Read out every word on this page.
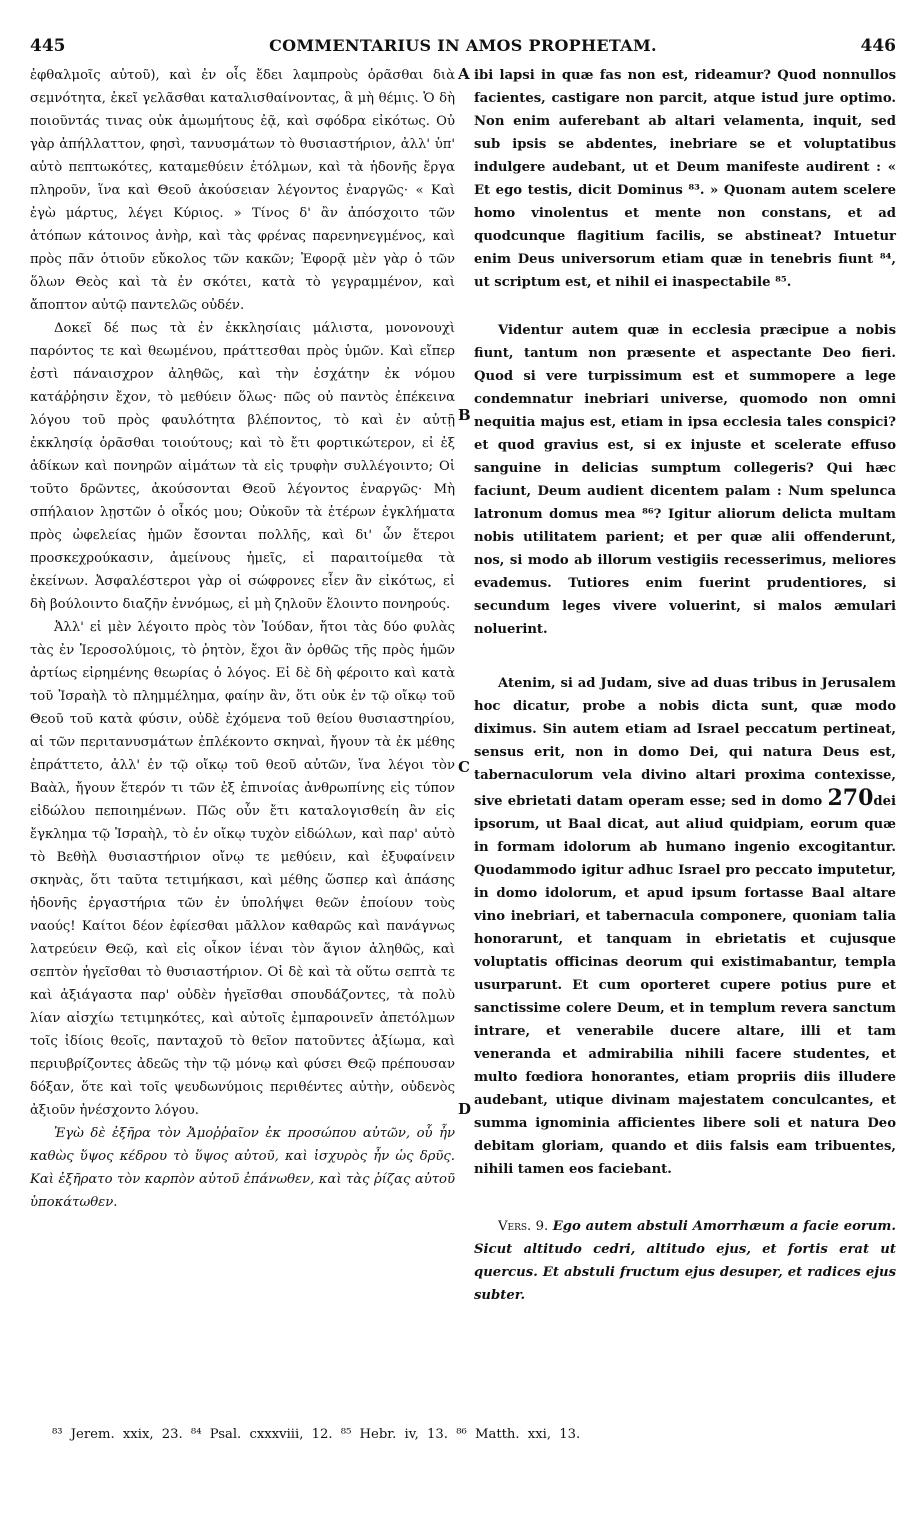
445	COMMENTARIUS IN AMOS PROPHETAM.	446

ἐφθαλμοῖς αὐτοῦ), καὶ ἐν οἷς ἔδει λαμπροὺς ὁρᾶσθαι διὰ σεμνότητα, ἐκεῖ γελᾶσθαι καταλισθαίνοντας, ἃ μὴ θέμις. Ὁ δὴ ποιοῦντάς τινας οὐκ ἀμωμήτους ἐᾷ, καὶ σφόδρα εἰκότως. Οὐ γὰρ ἀπήλλαττον, φησὶ, τανυσμάτων τὸ θυσιαστήριον, ἀλλ' ὑπ' αὐτὸ πεπτωκότες, καταμεθύειν ἐτόλμων, καὶ τὰ ἡδονῆς ἔργα πληροῦν, ἵνα καὶ Θεοῦ ἀκούσειαν λέγοντος ἐναργῶς· « Καὶ ἐγὼ μάρτυς, λέγει Κύριος. » Τίνος δ' ἂν ἀπόσχοιτο τῶν ἀτόπων κάτοινος ἀνὴρ, καὶ τὰς φρένας παρενηνεγμένος, καὶ πρὸς πᾶν ὁτιοῦν εὔκολος τῶν κακῶν; Ἐφορᾷ μὲν γὰρ ὁ τῶν ὅλων Θεὸς καὶ τὰ ἐν σκότει, κατὰ τὸ γεγραμμένον, καὶ ἄποπτον αὐτῷ παντελῶς οὐδέν.

Δοκεῖ δέ πως τὰ ἐν ἐκκλησίαις μάλιστα, μονονουχὶ παρόντος τε καὶ θεωμένου, πράττεσθαι πρὸς ὑμῶν. Καὶ εἴπερ ἐστὶ πάναισχρον ἀληθῶς, καὶ τὴν ἐσχάτην ἐκ νόμου κατάῤῥησιν ἔχον, τὸ μεθύειν ὅλως· πῶς οὐ παντὸς ἐπέκεινα λόγου τοῦ πρὸς φαυλότητα βλέποντος, τὸ καὶ ἐν αὐτῇ ἐκκλησίᾳ ὁρᾶσθαι τοιούτους; καὶ τὸ ἔτι φορτικώτερον, εἰ ἐξ ἀδίκων καὶ πονηρῶν αἱμάτων τὰ εἰς τρυφὴν συλλέγοιντο; Οἱ τοῦτο δρῶντες, ἀκούσονται Θεοῦ λέγοντος ἐναργῶς· Μὴ σπήλαιον λῃστῶν ὁ οἶκός μου; Οὐκοῦν τὰ ἑτέρων ἐγκλήματα πρὸς ὠφελείας ἡμῶν ἔσονται πολλῆς, καὶ δι' ὧν ἕτεροι προσκεχρούκασιν, ἀμείνους ἡμεῖς, εἰ παραιτοίμεθα τὰ ἐκείνων. Ἀσφαλέστεροι γὰρ οἱ σώφρονες εἶεν ἂν εἰκότως, εἰ δὴ βούλοιντο διαζῆν ἐννόμως, εἰ μὴ ζηλοῦν ἕλοιντο πονηρούς.

Ἀλλ' εἰ μὲν λέγοιτο πρὸς τὸν Ἰούδαν, ἤτοι τὰς δύο φυλὰς τὰς ἐν Ἱεροσολύμοις, τὸ ῥητὸν, ἔχοι ἂν ὀρθῶς τῆς πρὸς ἡμῶν ἀρτίως εἰρημένης θεωρίας ὁ λόγος. Εἰ δὲ δὴ φέροιτο καὶ κατὰ τοῦ Ἰσραὴλ τὸ πλημμέλημα, φαίην ἂν, ὅτι οὐκ ἐν τῷ οἴκῳ τοῦ Θεοῦ τοῦ κατὰ φύσιν, οὐδὲ ἐχόμενα τοῦ θείου θυσιαστηρίου, αἱ τῶν περιτανυσμάτων ἐπλέκοντο σκηναὶ, ἤγουν τὰ ἐκ μέθης ἐπράττετο, ἀλλ' ἐν τῷ οἴκῳ τοῦ θεοῦ αὐτῶν, ἵνα λέγοι τὸν Βαὰλ, ἤγουν ἕτερόν τι τῶν ἐξ ἐπινοίας ἀνθρωπίνης εἰς τύπον εἰδώλου πεποιημένων. Πῶς οὖν ἔτι καταλογισθείη ἂν εἰς ἔγκλημα τῷ Ἰσραὴλ, τὸ ἐν οἴκῳ τυχὸν εἰδώλων, καὶ παρ' αὐτὸ τὸ Βεθὴλ θυσιαστήριον οἴνῳ τε μεθύειν, καὶ ἐξυφαίνειν σκηνὰς, ὅτι ταῦτα τετιμήκασι, καὶ μέθης ὥσπερ καὶ ἁπάσης ἡδονῆς ἐργαστήρια τῶν ἐν ὑπολήψει θεῶν ἐποίουν τοὺς ναούς! Καίτοι δέον ἐφίεσθαι μᾶλλον καθαρῶς καὶ πανάγνως λατρεύειν Θεῷ, καὶ εἰς οἶκον ἰέναι τὸν ἅγιον ἀληθῶς, καὶ σεπτὸν ἡγεῖσθαι τὸ θυσιαστήριον. Οἱ δὲ καὶ τὰ οὕτω σεπτὰ τε καὶ ἀξιάγαστα παρ' οὐδὲν ἡγεῖσθαι σπουδάζοντες, τὰ πολὺ λίαν αἰσχίω τετιμηκότες, καὶ αὐτοῖς ἐμπαροινεῖν ἀπετόλμων τοῖς ἰδίοις θεοῖς, πανταχοῦ τὸ θεῖον πατοῦντες ἀξίωμα, καὶ περιυβρίζοντες ἀδεῶς τὴν τῷ μόνῳ καὶ φύσει Θεῷ πρέπουσαν δόξαν, ὅτε καὶ τοῖς ψευδωνύμοις περιθέντες αὐτὴν, οὐδενὸς ἀξιοῦν ἠνέσχοντο λόγου.

Ἐγὼ δὲ ἐξῆρα τὸν Ἀμοῤῥαῖον ἐκ προσώπου αὐτῶν, οὗ ἦν καθὼς ὕψος κέδρου τὸ ὕψος αὐτοῦ, καὶ ἰσχυρὸς ἦν ὡς δρῦς. Καὶ ἐξῆρατο τὸν καρπὸν αὐτοῦ ἐπάνωθεν, καὶ τὰς ῥίζας αὐτοῦ ὑποκάτωθεν.

A
B
C
D

ibi lapsi in quæ fas non est, rideamur? Quod nonnullos facientes, castigare non parcit, atque istud jure optimo. Non enim auferebant ab altari velamenta, inquit, sed sub ipsis se abdentes, inebriare se et voluptatibus indulgere audebant, ut et Deum manifeste audirent : « Et ego testis, dicit Dominus ⁸³. » Quonam autem scelere homo vinolentus et mente non constans, et ad quodcunque flagitium facilis, se abstineat? Intuetur enim Deus universorum etiam quæ in tenebris fiunt ⁸⁴, ut scriptum est, et nihil ei inaspectabile ⁸⁵.

Videntur autem quæ in ecclesia præcipue a nobis fiunt, tantum non præsente et aspectante Deo fieri. Quod si vere turpissimum est et summopere a lege condemnatur inebriari universe, quomodo non omni nequitia majus est, etiam in ipsa ecclesia tales conspici? et quod gravius est, si ex injuste et scelerate effuso sanguine in delicias sumptum collegeris? Qui hæc faciunt, Deum audient dicentem palam : Num spelunca latronum domus mea ⁸⁶? Igitur aliorum delicta multam nobis utilitatem parient; et per quæ alii offenderunt, nos, si modo ab illorum vestigiis recesserimus, meliores evademus. Tutiores enim fuerint prudentiores, si secundum leges vivere voluerint, si malos æmulari noluerint.

Atenim, si ad Judam, sive ad duas tribus in Jerusalem hoc dicatur, probe a nobis dicta sunt, quæ modo diximus. Sin autem etiam ad Israel peccatum pertineat, sensus erit, non in domo Dei, qui natura Deus est, tabernaculorum vela divino altari proxima contexisse, sive ebrietati datam operam esse; sed in domo 270dei ipsorum, ut Baal dicat, aut aliud quidpiam, eorum quæ in formam idolorum ab humano ingenio excogitantur. Quodammodo igitur adhuc Israel pro peccato imputetur, in domo idolorum, et apud ipsum fortasse Baal altare vino inebriari, et tabernacula componere, quoniam talia honorarunt, et tanquam in ebrietatis et cujusque voluptatis officinas deorum qui existimabantur, templa usurparunt. Et cum oporteret cupere potius pure et sanctissime colere Deum, et in templum revera sanctum intrare, et venerabile ducere altare, illi et tam veneranda et admirabilia nihili facere studentes, et multo fœdiora honorantes, etiam propriis diis illudere audebant, utique divinam majestatem conculcantes, et summa ignominia afficientes libere soli et natura Deo debitam gloriam, quando et diis falsis eam tribuentes, nihili tamen eos faciebant.

Vers. 9. Ego autem abstuli Amorrhæum a facie eorum. Sicut altitudo cedri, altitudo ejus, et fortis erat ut quercus. Et abstuli fructum ejus desuper, et radices ejus subter.

⁸³ Jerem. xxix, 23. ⁸⁴ Psal. cxxxviii, 12. ⁸⁵ Hebr. iv, 13. ⁸⁶ Matth. xxi, 13.
